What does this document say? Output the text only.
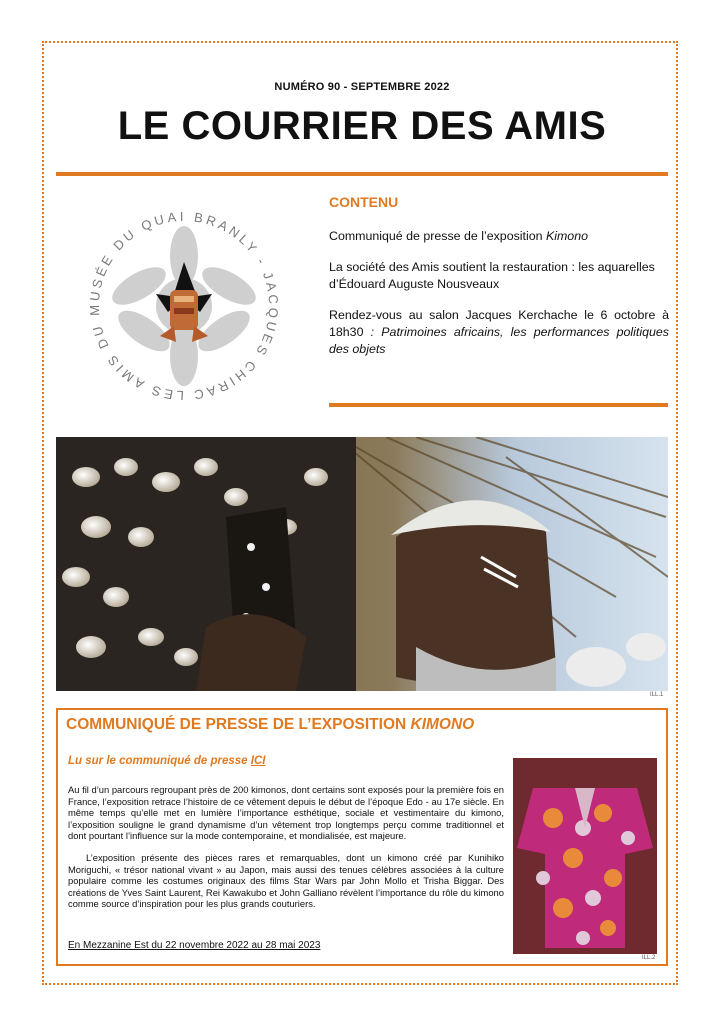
NUMÉRO 90 - SEPTEMBRE 2022
LE COURRIER DES AMIS
LES AMIS DU MUSÉE DU QUAI BRANLY - JACQUES CHIRAC
CONTENU

Communiqué de presse de l’exposition Kimono

La société des Amis soutient la restauration : les aquarelles d’Édouard Auguste Nousveaux

Rendez-vous au salon Jacques Kerchache le 6 octobre à 18h30 : Patrimoines africains, les performances politiques des objets

ILL.1
COMMUNIQUÉ DE PRESSE DE L’EXPOSITION KIMONO
Lu sur le communiqué de presse ICI

Au fil d’un parcours regroupant près de 200 kimonos, dont certains sont exposés pour la première fois en France, l’exposition retrace l’histoire de ce vêtement depuis le début de l’époque Edo - au 17e siècle. En même temps qu’elle met en lumière l’importance esthétique, sociale et vestimentaire du kimono, l’exposition souligne le grand dynamisme d’un vêtement trop longtemps perçu comme traditionnel et dont pourtant l’influence sur la mode contemporaine, et mondialisée, est majeure.

L’exposition présente des pièces rares et remarquables, dont un kimono créé par Kunihiko Moriguchi, « trésor national vivant » au Japon, mais aussi des tenues célèbres associées à la culture populaire comme les costumes originaux des films Star Wars par John Mollo et Trisha Biggar. Des créations de Yves Saint Laurent, Rei Kawakubo et John Galliano révèlent l’importance du rôle du kimono comme source d’inspiration pour les plus grands couturiers.

En Mezzanine Est du 22 novembre 2022 au 28 mai 2023
ILL.2
